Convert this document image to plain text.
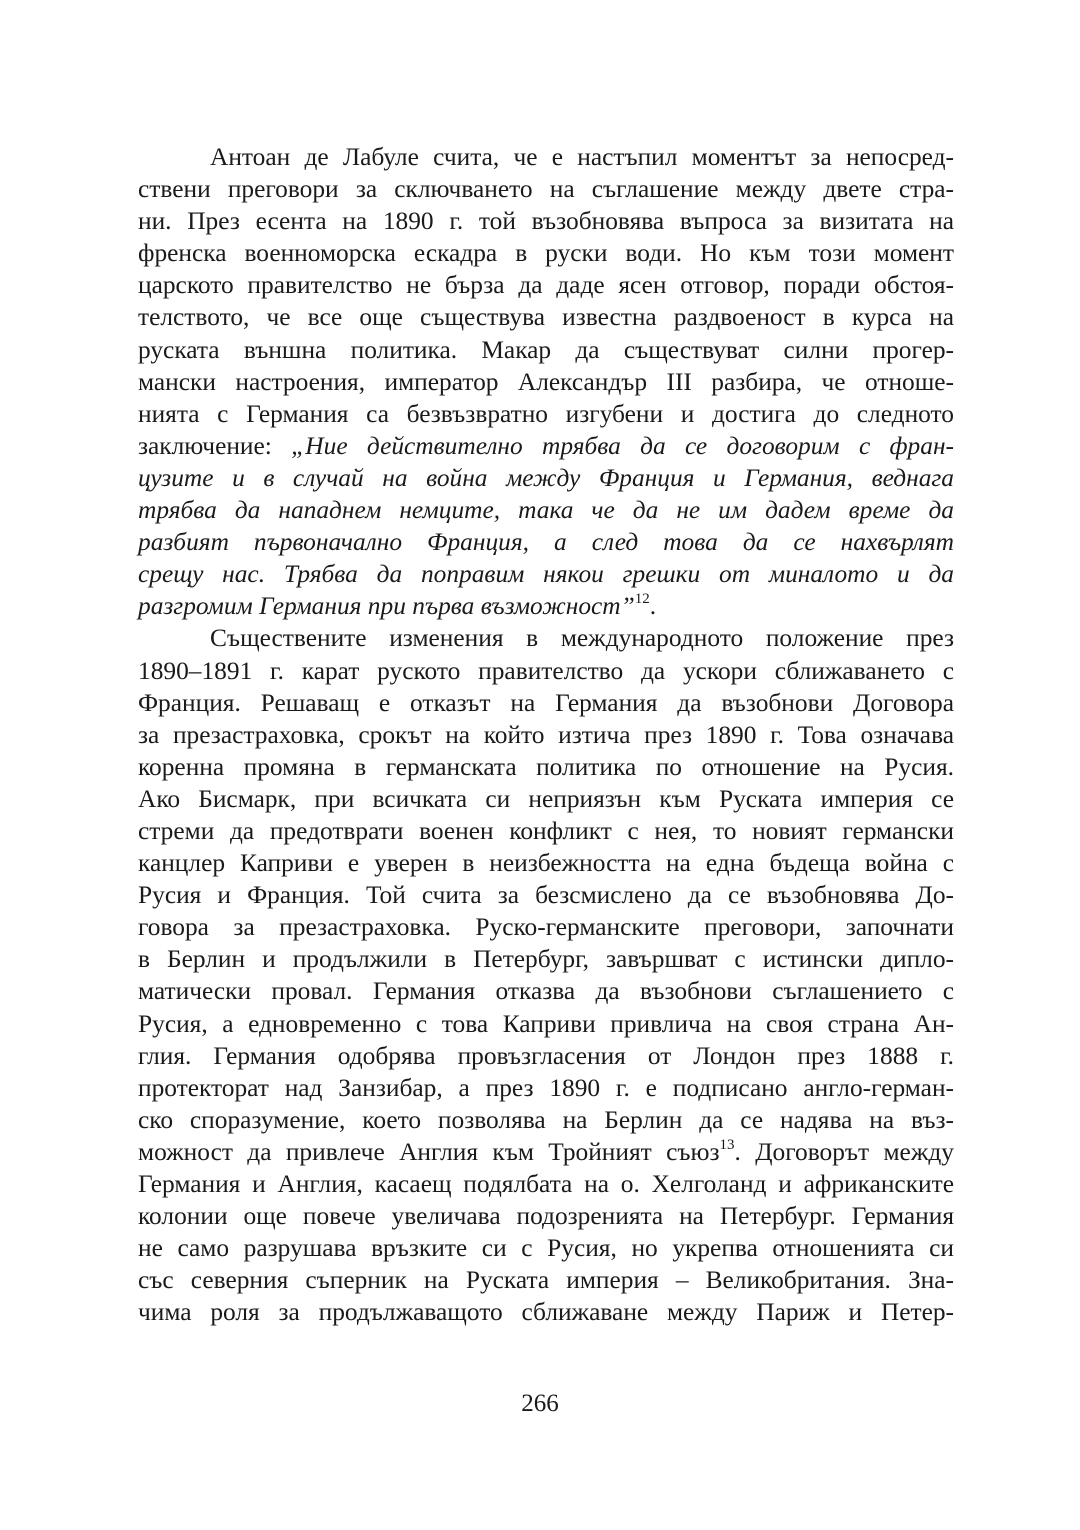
Антоан де Лабуле счита, че е настъпил моментът за непосред-
ствени преговори за сключването на съглашение между двете стра-
ни. През есента на 1890 г. той възобновява въпроса за визитата на
френска военноморска ескадра в руски води. Но към този момент
царското правителство не бърза да даде ясен отговор, поради обстоя-
телството, че все още съществува известна раздвоеност в курса на
руската външна политика. Макар да съществуват силни прогер-
мански настроения, император Александър III разбира, че отноше-
нията с Германия са безвъзвратно изгубени и достига до следното
заключение: „Ние действително трябва да се договорим с фран-
цузите и в случай на война между Франция и Германия, веднага
трябва да нападнем немците, така че да не им дадем време да
разбият първоначално Франция, а след това да се нахвърлят
срещу нас. Трябва да поправим някои грешки от миналото и да
разгромим Германия при първа възможност”$^{12}$.
Съществените изменения в международното положение през
1890–1891 г. карат руското правителство да ускори сближаването с
Франция. Решаващ е отказът на Германия да възобнови Договора
за презастраховка, срокът на който изтича през 1890 г. Това означава
коренна промяна в германската политика по отношение на Русия.
Ако Бисмарк, при всичката си неприязън към Руската империя се
стреми да предотврати военен конфликт с нея, то новият германски
канцлер Каприви е уверен в неизбежността на една бъдеща война с
Русия и Франция. Той счита за безсмислено да се възобновява До-
говора за презастраховка. Руско-германските преговори, започнати
в Берлин и продължили в Петербург, завършват с истински дипло-
матически провал. Германия отказва да възобнови съглашението с
Русия, а едновременно с това Каприви привлича на своя страна Ан-
глия. Германия одобрява провъзгласения от Лондон през 1888 г.
протекторат над Занзибар, а през 1890 г. е подписано англо-герман-
ско споразумение, което позволява на Берлин да се надява на въз-
можност да привлече Англия към Тройният съюз$^{13}$. Договорът между
Германия и Англия, касаещ подялбата на о. Хелголанд и африканските
колонии още повече увеличава подозренията на Петербург. Германия
не само разрушава връзките си с Русия, но укрепва отношенията си
със северния съперник на Руската империя – Великобритания. Зна-
чима роля за продължаващото сближаване между Париж и Петер-
266
